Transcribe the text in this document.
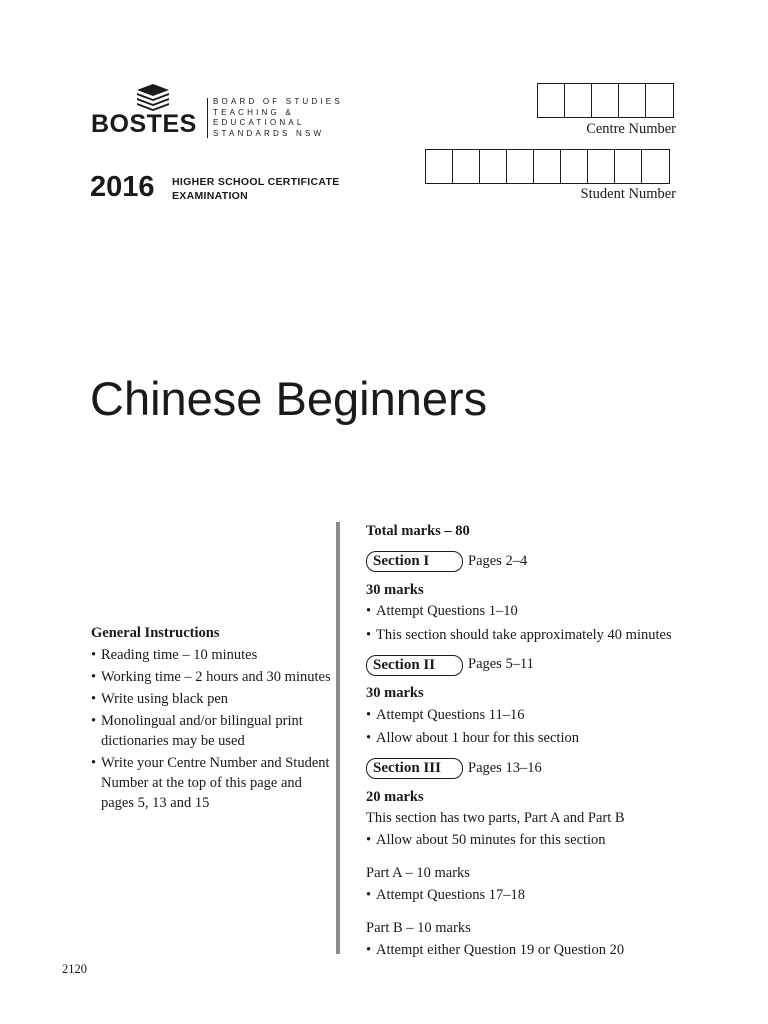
BOSTES
BOARD OF STUDIES
TEACHING &
EDUCATIONAL
STANDARDS NSW
2016 HIGHER SCHOOL CERTIFICATE
EXAMINATION
Centre Number
Student Number
Chinese Beginners
General Instructions
• Reading time – 10 minutes
• Working time – 2 hours and 30 minutes
• Write using black pen
• Monolingual and/or bilingual print dictionaries may be used
• Write your Centre Number and Student Number at the top of this page and pages 5, 13 and 15

Total marks – 80

Section I	Pages 2–4

30 marks

• Attempt Questions 1–10
• This section should take approximately 40 minutes
Section II	Pages 5–11

30 marks

• Attempt Questions 11–16
• Allow about 1 hour for this section
Section III	Pages 13–16

20 marks

This section has two parts, Part A and Part B

• Allow about 50 minutes for this section

Part A – 10 marks

• Attempt Questions 17–18

Part B – 10 marks

• Attempt either Question 19 or Question 20
2120
